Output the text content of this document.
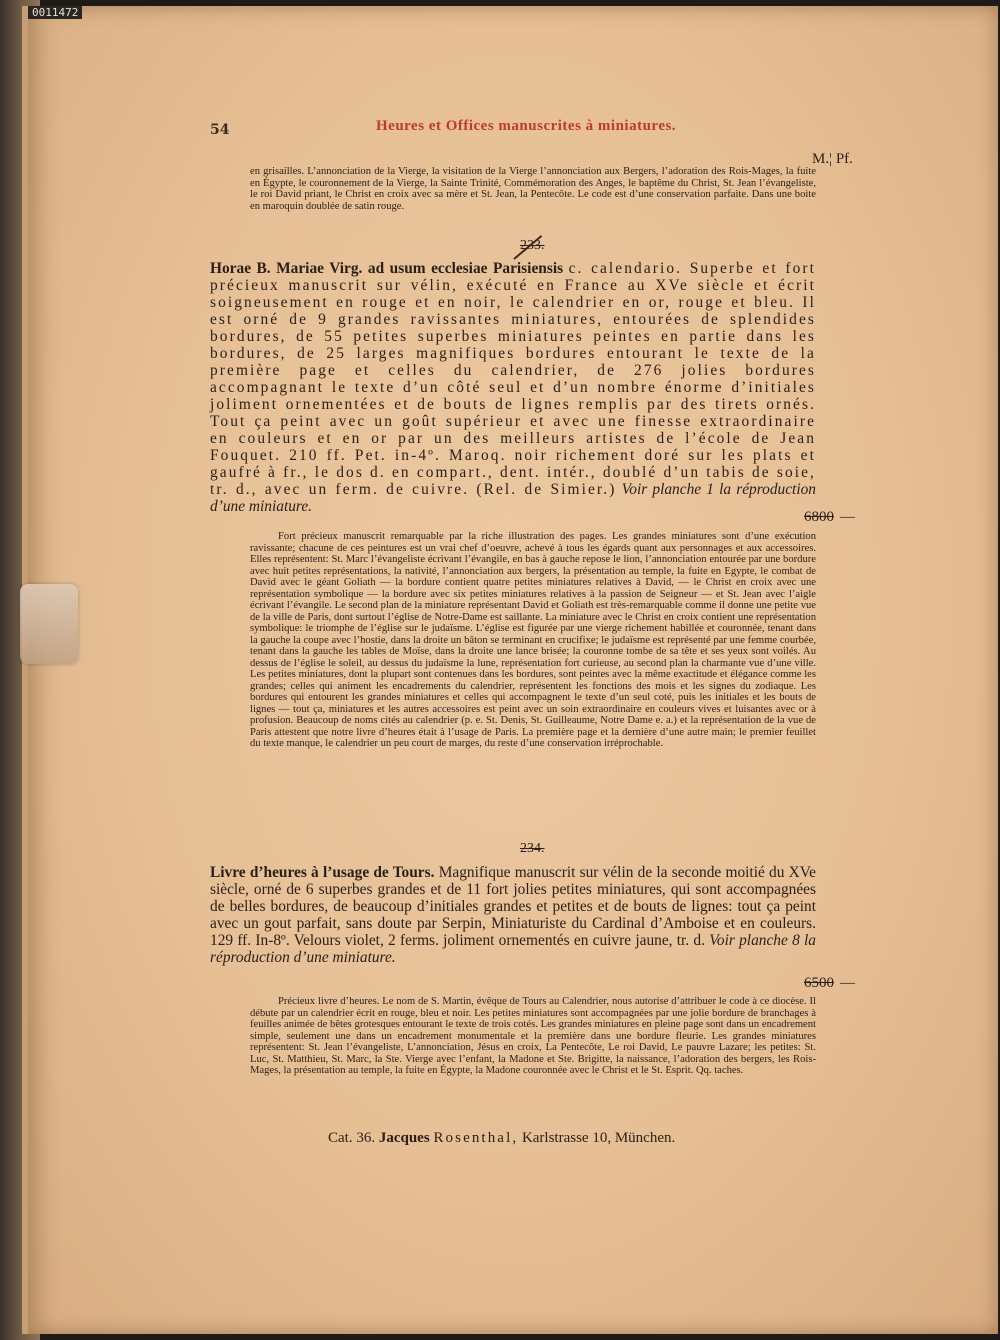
0011472
54	Heures et Offices manuscrites à miniatures.
M.¦ Pf.
en grisailles. L’annonciation de la Vierge, la visitation de la Vierge l’annonciation aux Bergers, l’adoration des Rois-Mages, la fuite en Égypte, le couronnement de la Vierge, la Sainte Trinité, Commémoration des Anges, le baptême du Christ, St. Jean l’évangeliste, le roi David priant, le Christ en croix avec sa mère et St. Jean, la Pentecôte. Le code est d’une conservation parfaite. Dans une boite en maroquin doublée de satin rouge.
233.
Horae B. Mariae Virg. ad usum ecclesiae Parisiensis c. calendario. Superbe et fort précieux manuscrit sur vélin, exécuté en France au XVe siècle et écrit soigneusement en rouge et en noir, le calendrier en or, rouge et bleu. Il est orné de 9 grandes ravissantes miniatures, entourées de splendides bordures, de 55 petites superbes miniatures peintes en partie dans les bordures, de 25 larges magnifiques bordures entourant le texte de la première page et celles du calendrier, de 276 jolies bordures accompagnant le texte d’un côté seul et d’un nombre énorme d’initiales joliment ornementées et de bouts de lignes remplis par des tirets ornés. Tout ça peint avec un goût supérieur et avec une finesse extraordinaire en couleurs et en or par un des meilleurs artistes de l’école de Jean Fouquet. 210 ff. Pet. in-4º. Maroq. noir richement doré sur les plats et gaufré à fr., le dos d. en compart., dent. intér., doublé d’un tabis de soie, tr. d., avec un ferm. de cuivre. (Rel. de Simier.) Voir planche 1 la réproduction d’une miniature.
6800 —
Fort précieux manuscrit remarquable par la riche illustration des pages. Les grandes miniatures sont d’une exécution ravissante; chacune de ces peintures est un vrai chef d’oeuvre, achevé à tous les égards quant aux personnages et aux accessoires. Elles représentent: St. Marc l’évangeliste écrivant l’évangile, en bas à gauche repose le lion, l’annonciation entourée par une bordure avec huit petites représentations, la nativité, l’annonciation aux bergers, la présentation au temple, la fuite en Egypte, le combat de David avec le géant Goliath — la bordure contient quatre petites miniatures relatives à David, — le Christ en croix avec une représentation symbolique — la bordure avec six petites miniatures relatives à la passion de Seigneur — et St. Jean avec l’aigle écrivant l’évangile. Le second plan de la miniature représentant David et Goliath est très-remarquable comme il donne une petite vue de la ville de Paris, dont surtout l’église de Notre-Dame est saillante. La miniature avec le Christ en croix contient une représentation symbolique: le triomphe de l’église sur le judaïsme. L’église est figurée par une vierge richement habillée et couronnée, tenant dans la gauche la coupe avec l’hostie, dans la droite un bâton se terminant en crucifixe; le judaïsme est représenté par une femme courbée, tenant dans la gauche les tables de Moïse, dans la droite une lance brisée; la couronne tombe de sa tête et ses yeux sont voilés. Au dessus de l’église le soleil, au dessus du judaïsme la lune, représentation fort curieuse, au second plan la charmante vue d’une ville. Les petites miniatures, dont la plupart sont contenues dans les bordures, sont peintes avec la même exactitude et élégance comme les grandes; celles qui animent les encadrements du calendrier, représentent les fonctions des mois et les signes du zodiaque. Les bordures qui entourent les grandes miniatures et celles qui accompagnent le texte d’un seul coté, puis les initiales et les bouts de lignes — tout ça, miniatures et les autres accessoires est peint avec un soin extraordinaire en couleurs vives et luisantes avec or à profusion. Beaucoup de noms cités au calendrier (p. e. St. Denis, St. Guilleaume, Notre Dame e. a.) et la représentation de la vue de Paris attestent que notre livre d’heures était à l’usage de Paris. La première page et la dernière d’une autre main; le premier feuillet du texte manque, le calendrier un peu court de marges, du reste d’une conservation irréprochable.
234.
Livre d’heures à l’usage de Tours. Magnifique manuscrit sur vélin de la seconde moitié du XVe siècle, orné de 6 superbes grandes et de 11 fort jolies petites miniatures, qui sont accompagnées de belles bordures, de beaucoup d’initiales grandes et petites et de bouts de lignes: tout ça peint avec un gout parfait, sans doute par Serpin, Miniaturiste du Cardinal d’Amboise et en couleurs. 129 ff. In-8º. Velours violet, 2 ferms. joliment ornementés en cuivre jaune, tr. d. Voir planche 8 la réproduction d’une miniature.
6500 —
Précieux livre d’heures. Le nom de S. Martin, évêque de Tours au Calendrier, nous autorise d’attribuer le code à ce diocèse. Il débute par un calendrier écrit en rouge, bleu et noir. Les petites miniatures sont accompagnées par une jolie bordure de branchages à feuilles animée de bêtes grotesques entourant le texte de trois cotés. Les grandes miniatures en pleine page sont dans un encadrement simple, seulement une dans un encadrement monumentale et la première dans une bordure fleurie. Les grandes miniatures représentent: St. Jean l’évangeliste, L’annonciation, Jésus en croix, La Pentecôte, Le roi David, Le pauvre Lazare; les petites: St. Luc, St. Matthieu, St. Marc, la Ste. Vierge avec l’enfant, la Madone et Ste. Brigitte, la naissance, l’adoration des bergers, les Rois-Mages, la présentation au temple, la fuite en Égypte, la Madone couronnée avec le Christ et le St. Esprit. Qq. taches.
Cat. 36. Jacques Rosenthal, Karlstrasse 10, München.
